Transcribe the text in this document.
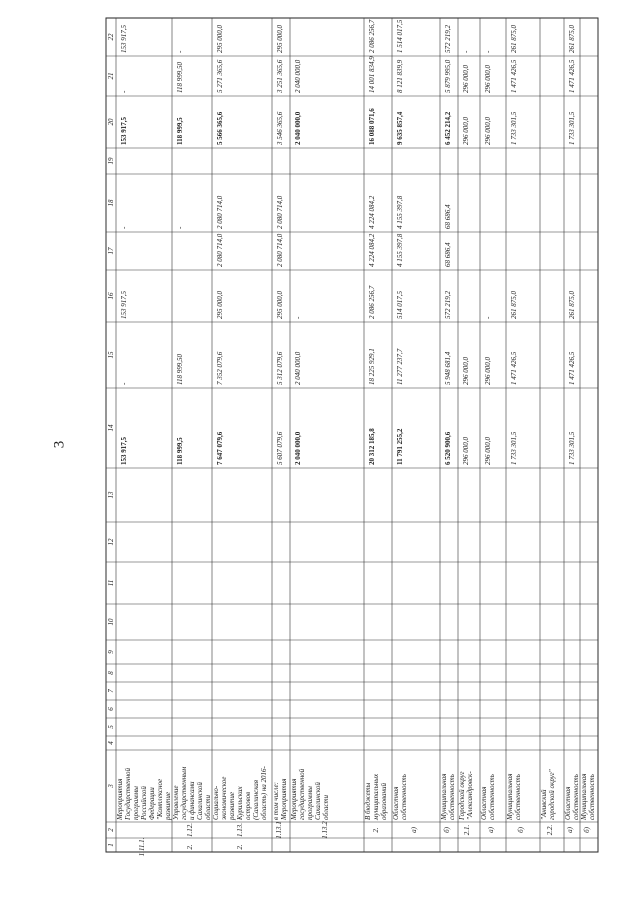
3
1
2
3
4
5
6
7
8
9
10
11
12
13
14
15
16
17
18
19
20
21
22
1.11.1.
Мероприятия Государственной программы Российской Федерации "Комплексное развитие
153 917,5
-
153 917,5
-
153 917,5
-
153 917,5
2.
1.12.
Управление государственным и финансами Сахалинской области
118 999,5
118 999,50
-
118 999,5
118 999,50
-
2.
1.13.
Социально- экономическое развитие Курильских островов (Сахалинская область) на 2016-
7 647 079,6
7 352 079,6
295 000,0
2 080 714,0
2 080 714,0
5 566 365,6
5 271 365,6
295 000,0
1.13.1
в том числе: Мероприятия
5 607 079,6
5 312 079,6
295 000,0
2 080 714,0
2 080 714,0
3 546 365,6
3 251 365,6
295 000,0
1.13.2
Мероприятия государственной программы Сахалинской области
2 040 000,0
2 040 000,0
-
2 040 000,0
2 040 000,0
2.
В бюджеты муниципальных образований
20 312 185,8
18 225 929,1
2 086 256,7
4 224 084,2
4 224 084,2
16 088 071,6
14 001 834,9
2 086 256,7
а)
Областная собственность
11 791 255,2
11 277 237,7
514 017,5
4 155 397,8
4 155 397,8
9 635 857,4
8 121 839,9
1 514 017,5
б)
Муниципальная собственность
6 520 900,6
5 948 681,4
572 219,2
68 686,4
68 686,4
6 452 214,2
5 879 995,0
572 219,2
2.1.
Городской округ "Александровск-
296 000,0
296 000,0
296 000,0
296 000,0
-
а)
Областная собственность
296 000,0
296 000,0
-
296 000,0
296 000,0
-
б)
Муниципальная собственность
1 733 301,5
1 471 426,5
261 875,0
1 733 301,5
1 471 426,5
261 875,0
2.2.
"Анивский городской округ"
а)
Областная собственность
1 733 301,5
1 471 426,5
261 875,0
1 733 301,5
1 471 426,5
261 875,0
б)
Муниципальная собственность
